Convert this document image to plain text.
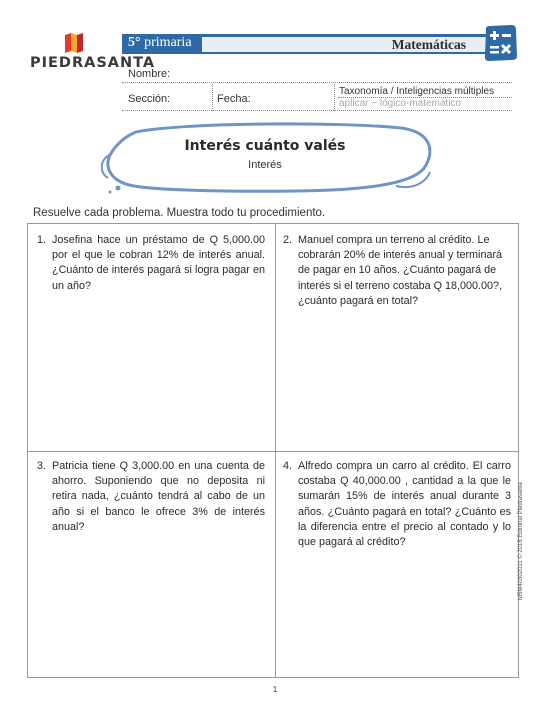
PIEDRASANTA
5° primaria	Matemáticas
Nombre:
Sección:	Fecha:
Taxonomía / Inteligencias múltiples
aplicar ~ lógico-matemático
Interés cuánto valés
Interés
Resuelve cada problema. Muestra todo tu procedimiento.
1. Josefina hace un préstamo de Q 5,000.00 por el que le cobran 12% de interés anual. ¿Cuánto de interés pagará si logra pagar en un año?
2. Manuel compra un terreno al crédito. Le cobrarán 20% de interés anual y terminará de pagar en 10 años. ¿Cuánto pagará de interés si el terreno costaba Q 18,000.00?, ¿cuánto pagará en total?
3. Patricia tiene Q 3,000.00 en una cuenta de ahorro. Suponiendo que no deposita ni retira nada, ¿cuánto tendrá al cabo de un año si el banco le ofrece 3% de interés anual?
4. Alfredo compra un carro al crédito. El carro costaba Q 40,000.00 , cantidad a la que le sumarán 15% de interés anual durante 3 años. ¿Cuánto pagará en total? ¿Cuánto es la diferencia entre el precio al contado y lo que pagará al crédito?	M5M40302011 © 2018 Editorial Piedrasanta
1
